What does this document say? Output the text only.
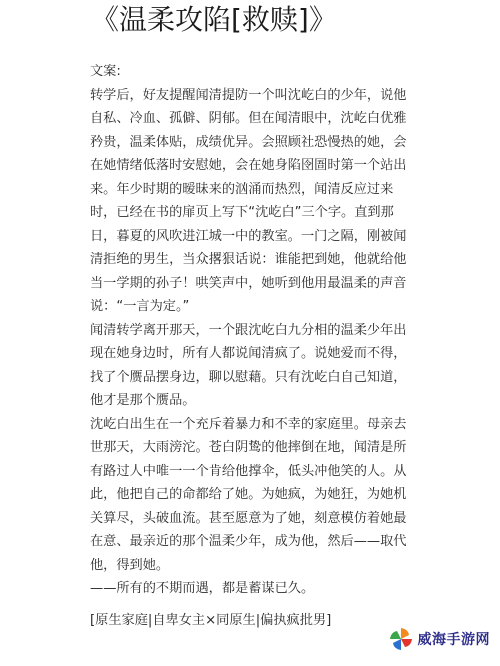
《温柔攻陷[救赎]》
文案:
转学后，好友提醒闻清提防一个叫沈屹白的少年，说他
自私、冷血、孤僻、阴郁。但在闻清眼中，沈屹白优雅
矜贵，温柔体贴，成绩优异。会照顾社恐慢热的她，会
在她情绪低落时安慰她，会在她身陷囹圄时第一个站出
来。年少时期的暧昧来的汹涌而热烈，闻清反应过来
时，已经在书的扉页上写下“沈屹白”三个字。直到那
日，暮夏的风吹进江城一中的教室。一门之隔，刚被闻
清拒绝的男生，当众撂狠话说：谁能把到她，他就给他
当一学期的孙子！哄笑声中，她听到他用最温柔的声音
说：“一言为定。”
闻清转学离开那天，一个跟沈屹白九分相的温柔少年出
现在她身边时，所有人都说闻清疯了。说她爱而不得，
找了个赝品摆身边，聊以慰藉。只有沈屹白自己知道，
他才是那个赝品。
沈屹白出生在一个充斥着暴力和不幸的家庭里。母亲去
世那天，大雨滂沱。苍白阴鸷的他摔倒在地，闻清是所
有路过人中唯一一个肯给他撑伞，低头冲他笑的人。从
此，他把自己的命都给了她。为她疯，为她狂，为她机
关算尽，头破血流。甚至愿意为了她，刻意模仿着她最
在意、最亲近的那个温柔少年，成为他，然后——取代
他，得到她。
——所有的不期而遇，都是蓄谋已久。
[原生家庭|自卑女主×同原生|偏执疯批男]
威海手游网
